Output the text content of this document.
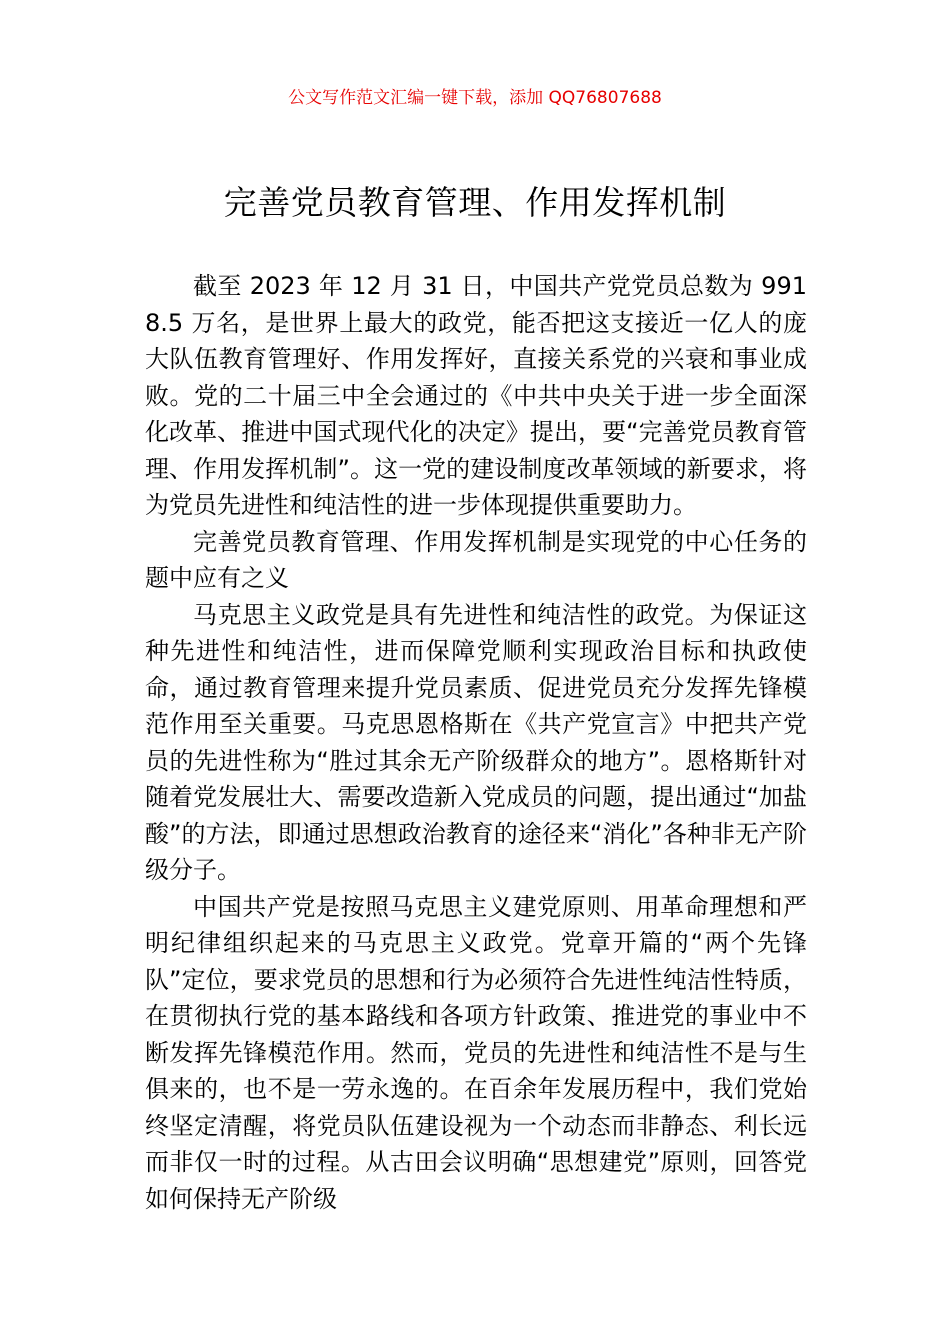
公文写作范文汇编一键下载，添加 QQ76807688
完善党员教育管理、作用发挥机制

截至 2023 年 12 月 31 日，中国共产党党员总数为 9918.5 万名，是世界上最大的政党，能否把这支接近一亿人的庞大队伍教育管理好、作用发挥好，直接关系党的兴衰和事业成败。党的二十届三中全会通过的《中共中央关于进一步全面深化改革、推进中国式现代化的决定》提出，要“完善党员教育管理、作用发挥机制”。这一党的建设制度改革领域的新要求，将为党员先进性和纯洁性的进一步体现提供重要助力。

完善党员教育管理、作用发挥机制是实现党的中心任务的题中应有之义

马克思主义政党是具有先进性和纯洁性的政党。为保证这种先进性和纯洁性，进而保障党顺利实现政治目标和执政使命，通过教育管理来提升党员素质、促进党员充分发挥先锋模范作用至关重要。马克思恩格斯在《共产党宣言》中把共产党员的先进性称为“胜过其余无产阶级群众的地方”。恩格斯针对随着党发展壮大、需要改造新入党成员的问题，提出通过“加盐酸”的方法，即通过思想政治教育的途径来“消化”各种非无产阶级分子。

中国共产党是按照马克思主义建党原则、用革命理想和严明纪律组织起来的马克思主义政党。党章开篇的“两个先锋队”定位，要求党员的思想和行为必须符合先进性纯洁性特质，在贯彻执行党的基本路线和各项方针政策、推进党的事业中不断发挥先锋模范作用。然而，党员的先进性和纯洁性不是与生俱来的，也不是一劳永逸的。在百余年发展历程中，我们党始终坚定清醒，将党员队伍建设视为一个动态而非静态、利长远而非仅一时的过程。从古田会议明确“思想建党”原则，回答党如何保持无产阶级
